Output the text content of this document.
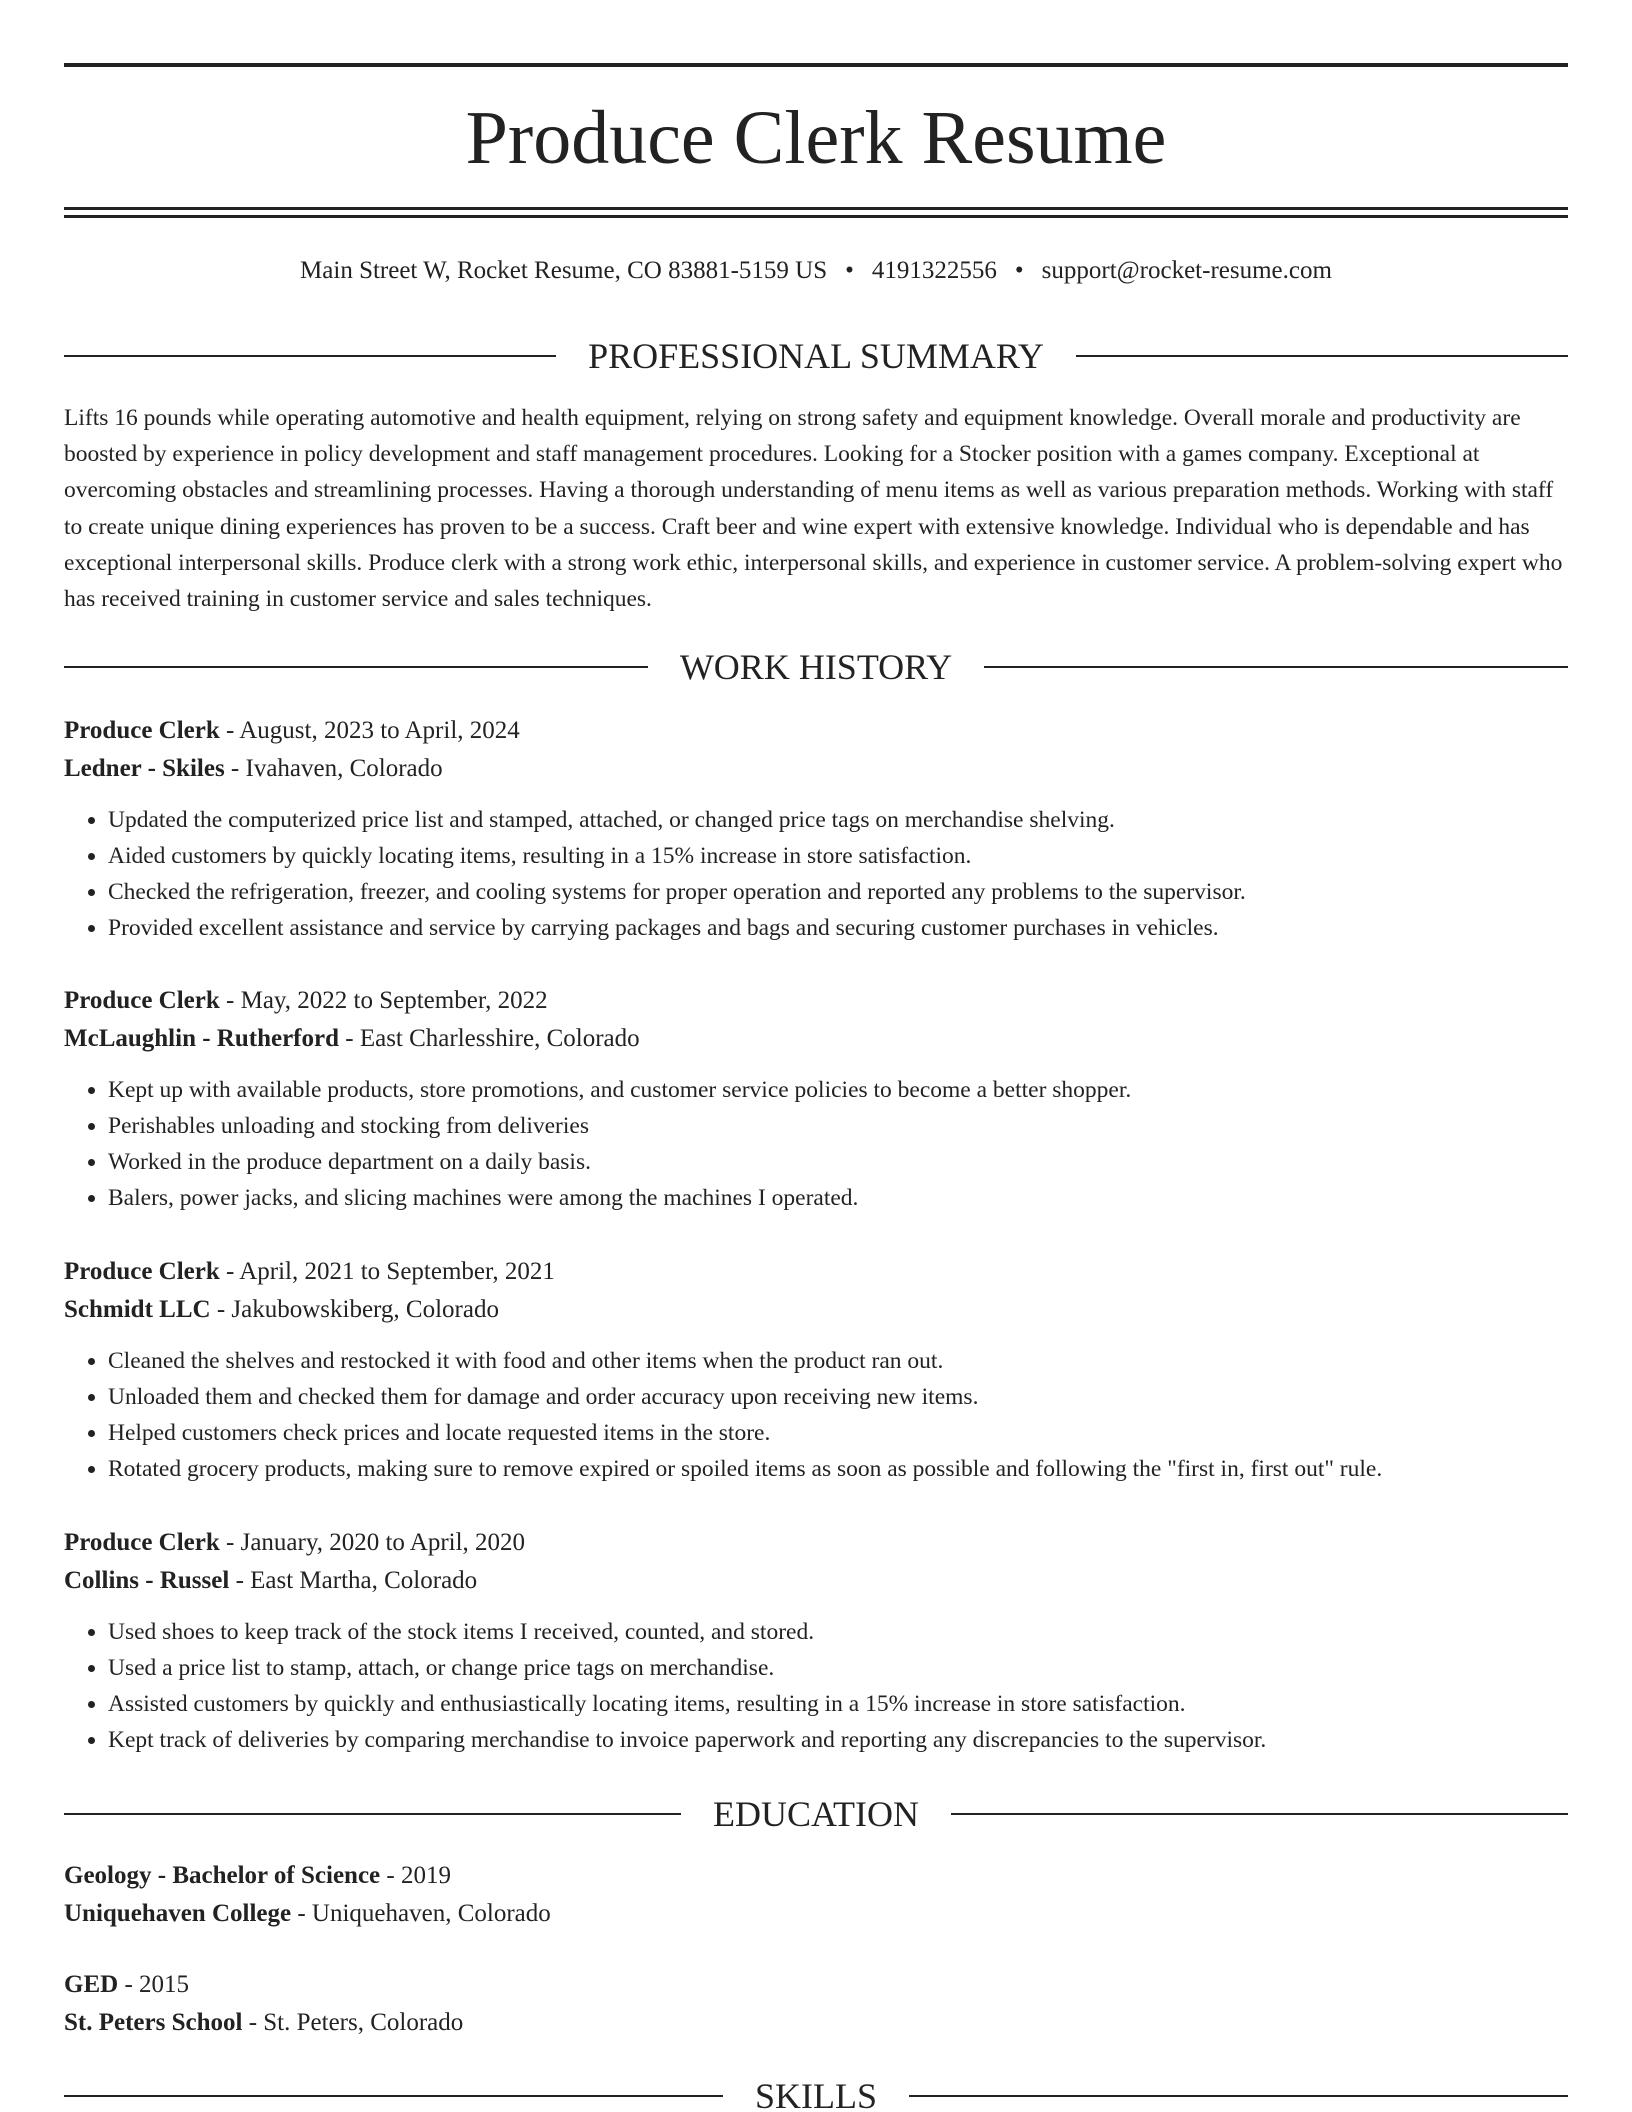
Produce Clerk Resume
Main Street W, Rocket Resume, CO 83881-5159 US • 4191322556 • support@rocket-resume.com
PROFESSIONAL SUMMARY

Lifts 16 pounds while operating automotive and health equipment, relying on strong safety and equipment knowledge. Overall morale and productivity are boosted by experience in policy development and staff management procedures. Looking for a Stocker position with a games company. Exceptional at overcoming obstacles and streamlining processes. Having a thorough understanding of menu items as well as various preparation methods. Working with staff to create unique dining experiences has proven to be a success. Craft beer and wine expert with extensive knowledge. Individual who is dependable and has exceptional interpersonal skills. Produce clerk with a strong work ethic, interpersonal skills, and experience in customer service. A problem-solving expert who has received training in customer service and sales techniques.

WORK HISTORY
Produce Clerk - August, 2023 to April, 2024
Ledner - Skiles - Ivahaven, Colorado
• Updated the computerized price list and stamped, attached, or changed price tags on merchandise shelving.
• Aided customers by quickly locating items, resulting in a 15% increase in store satisfaction.
• Checked the refrigeration, freezer, and cooling systems for proper operation and reported any problems to the supervisor.
• Provided excellent assistance and service by carrying packages and bags and securing customer purchases in vehicles.
Produce Clerk - May, 2022 to September, 2022
McLaughlin - Rutherford - East Charlesshire, Colorado
• Kept up with available products, store promotions, and customer service policies to become a better shopper.
• Perishables unloading and stocking from deliveries
• Worked in the produce department on a daily basis.
• Balers, power jacks, and slicing machines were among the machines I operated.
Produce Clerk - April, 2021 to September, 2021
Schmidt LLC - Jakubowskiberg, Colorado
• Cleaned the shelves and restocked it with food and other items when the product ran out.
• Unloaded them and checked them for damage and order accuracy upon receiving new items.
• Helped customers check prices and locate requested items in the store.
• Rotated grocery products, making sure to remove expired or spoiled items as soon as possible and following the "first in, first out" rule.
Produce Clerk - January, 2020 to April, 2020
Collins - Russel - East Martha, Colorado
• Used shoes to keep track of the stock items I received, counted, and stored.
• Used a price list to stamp, attach, or change price tags on merchandise.
• Assisted customers by quickly and enthusiastically locating items, resulting in a 15% increase in store satisfaction.
• Kept track of deliveries by comparing merchandise to invoice paperwork and reporting any discrepancies to the supervisor.
EDUCATION
Geology - Bachelor of Science - 2019
Uniquehaven College - Uniquehaven, Colorado
GED - 2015
St. Peters School - St. Peters, Colorado
SKILLS
